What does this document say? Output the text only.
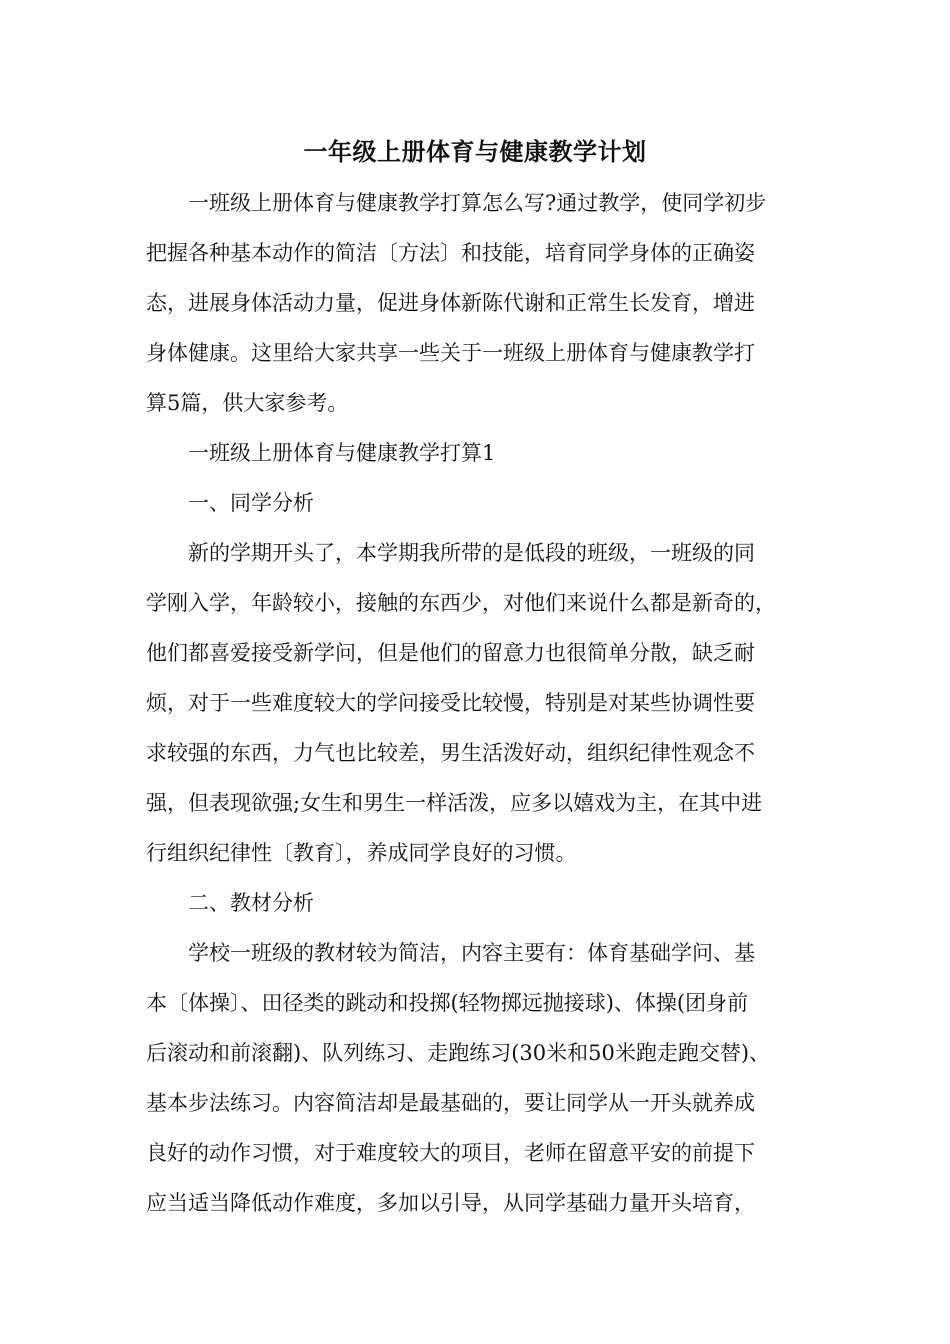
一年级上册体育与健康教学计划

一班级上册体育与健康教学打算怎么写?通过教学，使同学初步
把握各种基本动作的简洁〔方法〕和技能，培育同学身体的正确姿
态，进展身体活动力量，促进身体新陈代谢和正常生长发育，增进
身体健康。这里给大家共享一些关于一班级上册体育与健康教学打
算5篇，供大家参考。

一班级上册体育与健康教学打算1

一、同学分析

新的学期开头了，本学期我所带的是低段的班级，一班级的同
学刚入学，年龄较小，接触的东西少，对他们来说什么都是新奇的，
他们都喜爱接受新学问，但是他们的留意力也很简单分散，缺乏耐
烦，对于一些难度较大的学问接受比较慢，特别是对某些协调性要
求较强的东西，力气也比较差，男生活泼好动，组织纪律性观念不
强，但表现欲强;女生和男生一样活泼，应多以嬉戏为主，在其中进
行组织纪律性〔教育〕，养成同学良好的习惯。

二、教材分析

学校一班级的教材较为简洁，内容主要有：体育基础学问、基
本〔体操〕、田径类的跳动和投掷(轻物掷远抛接球)、体操(团身前
后滚动和前滚翻)、队列练习、走跑练习(30米和50米跑走跑交替)、
基本步法练习。内容简洁却是最基础的，要让同学从一开头就养成
良好的动作习惯，对于难度较大的项目，老师在留意平安的前提下
应当适当降低动作难度，多加以引导，从同学基础力量开头培育，
